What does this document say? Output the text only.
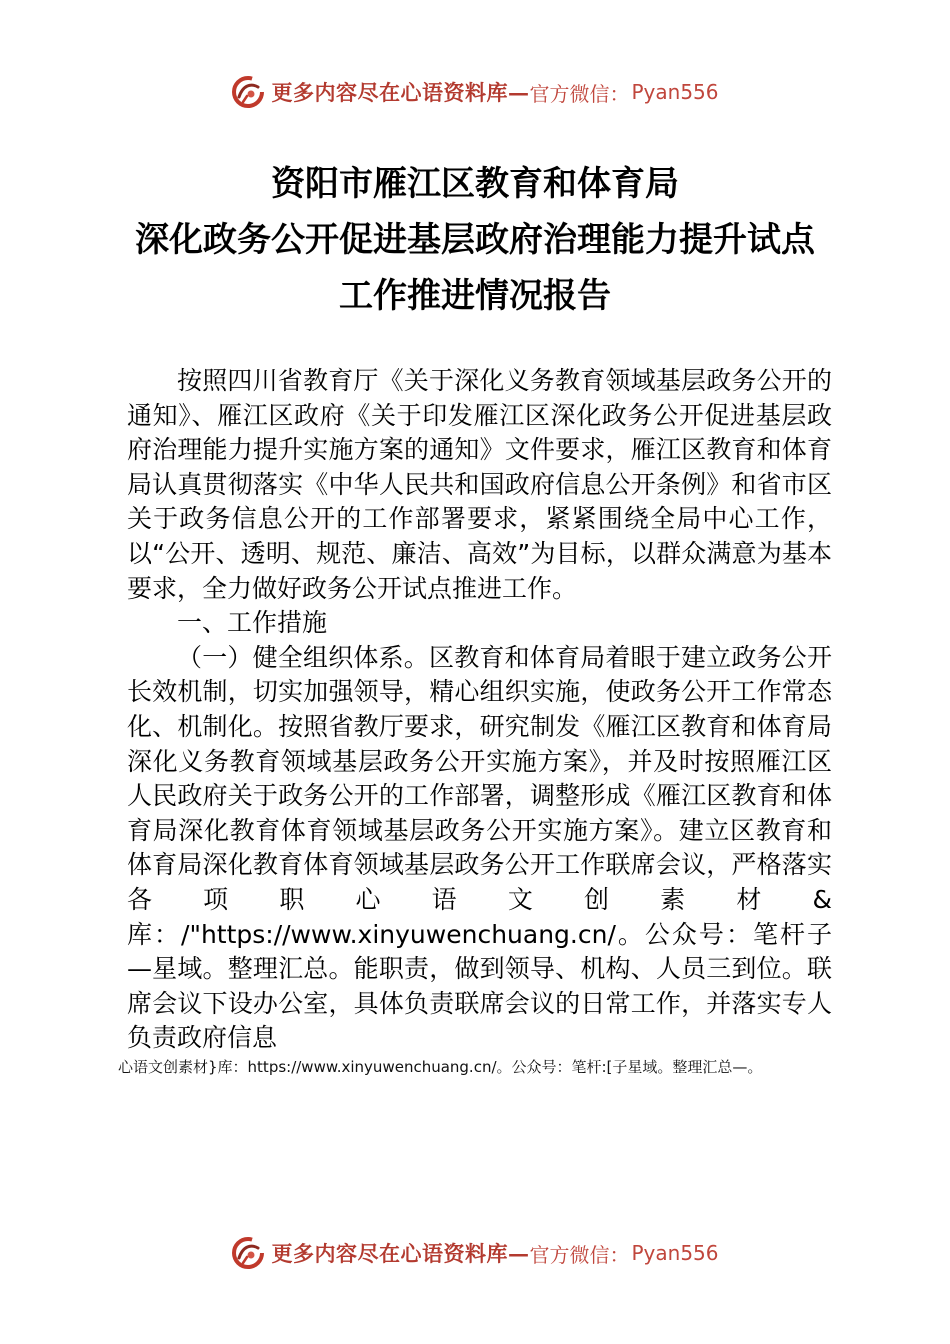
更多内容尽在心语资料库— 官方微信： Pyan556
资阳市雁江区教育和体育局
深化政务公开促进基层政府治理能力提升试点
工作推进情况报告

按照四川省教育厅《关于深化义务教育领域基层政务公开的通知》、雁江区政府《关于印发雁江区深化政务公开促进基层政府治理能力提升实施方案的通知》文件要求，雁江区教育和体育局认真贯彻落实《中华人民共和国政府信息公开条例》和省市区关于政务信息公开的工作部署要求，紧紧围绕全局中心工作，以“公开、透明、规范、廉洁、高效”为目标，以群众满意为基本要求，全力做好政务公开试点推进工作。

一、工作措施

（一）健全组织体系。区教育和体育局着眼于建立政务公开长效机制，切实加强领导，精心组织实施，使政务公开工作常态化、机制化。按照省教厅要求，研究制发《雁江区教育和体育局深化义务教育领域基层政务公开实施方案》，并及时按照雁江区人民政府关于政务公开的工作部署，调整形成《雁江区教育和体育局深化教育体育领域基层政务公开实施方案》。建立区教育和体育局深化教育体育领域基层政务公开工作联席会议，严格落实各项职心语文创素材&库：/"https://www.xinyuwenchuang.cn/。公众号：笔杆子—星域。整理汇总。能职责，做到领导、机构、人员三到位。联席会议下设办公室，具体负责联席会议的日常工作，并落实专人负责政府信息

心语文创素材}库：https://www.xinyuwenchuang.cn/。公众号：笔杆:[子星域。整理汇总—。
更多内容尽在心语资料库— 官方微信： Pyan556
